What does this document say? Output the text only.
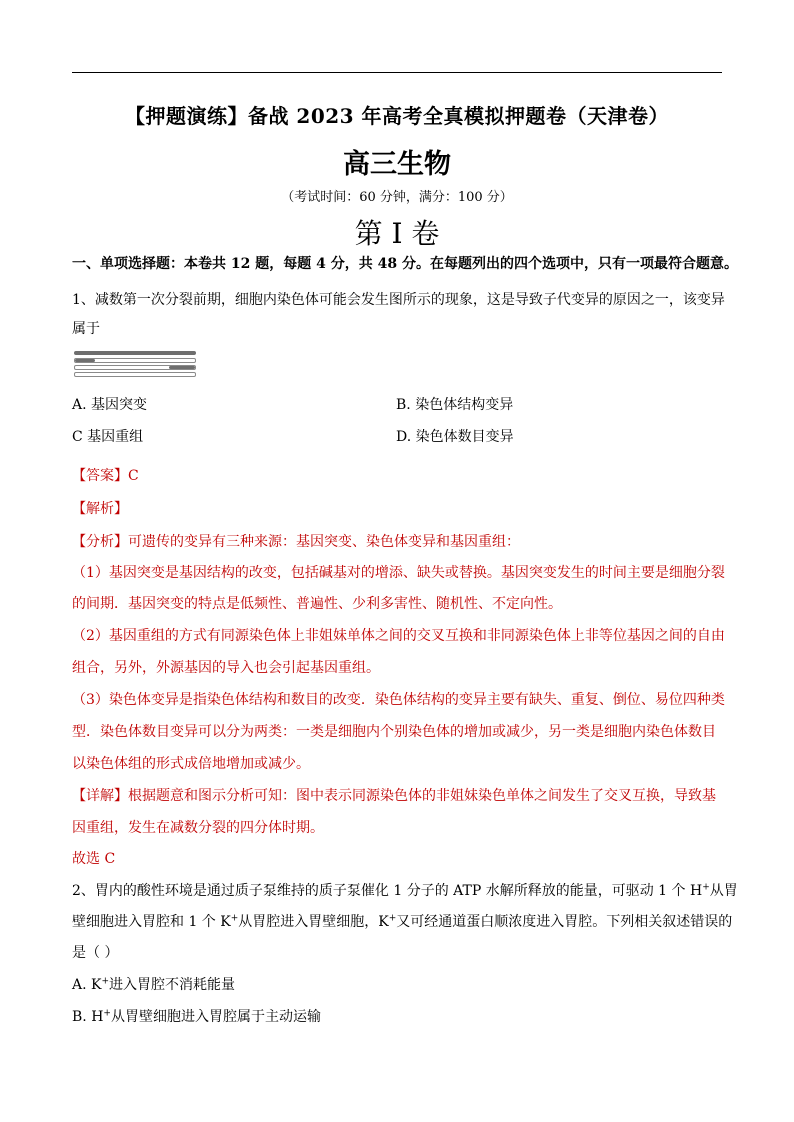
【押题演练】备战 2023 年高考全真模拟押题卷（天津卷）
高三生物
（考试时间：60 分钟，满分：100 分）
第 I 卷
一、单项选择题：本卷共 12 题，每题 4 分，共 48 分。在每题列出的四个选项中，只有一项最符合题意。
1、减数第一次分裂前期，细胞内染色体可能会发生图所示的现象，这是导致子代变异的原因之一，该变异
属于
A. 基因突变	B. 染色体结构变异
C 基因重组	D. 染色体数目变异
【答案】C
【解析】
【分析】可遗传的变异有三种来源：基因突变、染色体变异和基因重组：
（1）基因突变是基因结构的改变，包括碱基对的增添、缺失或替换。基因突变发生的时间主要是细胞分裂
的间期．基因突变的特点是低频性、普遍性、少利多害性、随机性、不定向性。
（2）基因重组的方式有同源染色体上非姐妹单体之间的交叉互换和非同源染色体上非等位基因之间的自由
组合，另外，外源基因的导入也会引起基因重组。
（3）染色体变异是指染色体结构和数目的改变．染色体结构的变异主要有缺失、重复、倒位、易位四种类
型．染色体数目变异可以分为两类：一类是细胞内个别染色体的增加或减少，另一类是细胞内染色体数目
以染色体组的形式成倍地增加或减少。
【详解】根据题意和图示分析可知：图中表示同源染色体的非姐妹染色单体之间发生了交叉互换，导致基
因重组，发生在减数分裂的四分体时期。
故选 C
2、胃内的酸性环境是通过质子泵维持的质子泵催化 1 分子的 ATP 水解所释放的能量，可驱动 1 个 H+从胃
壁细胞进入胃腔和 1 个 K+从胃腔进入胃壁细胞，K+又可经通道蛋白顺浓度进入胃腔。下列相关叙述错误的
是（ ）
A. K+进入胃腔不消耗能量
B. H+从胃壁细胞进入胃腔属于主动运输
